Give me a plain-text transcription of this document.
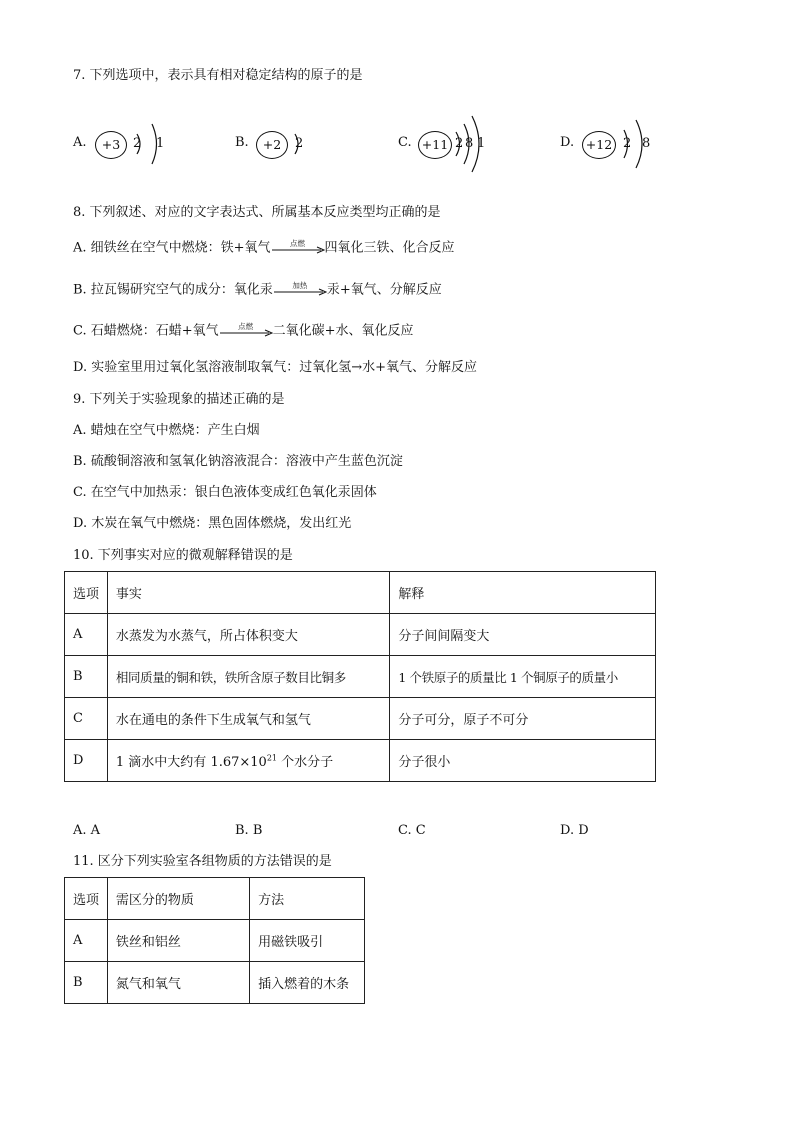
7. 下列选项中，表示具有相对稳定结构的原子的是
A.	+3 2 1	B.	+2	2	C. +11 2 8 1	D. +12 2 8
8. 下列叙述、对应的文字表达式、所属基本反应类型均正确的是
A. 细铁丝在空气中燃烧：铁+氧气	点燃	四氧化三铁、化合反应
B. 拉瓦锡研究空气的成分：氧化汞	加热	汞+氧气、分解反应
C. 石蜡燃烧：石蜡+氧气	点燃	二氧化碳+水、氧化反应
D. 实验室里用过氧化氢溶液制取氧气：过氧化氢→水+氧气、分解反应
9. 下列关于实验现象的描述正确的是
A. 蜡烛在空气中燃烧：产生白烟
B. 硫酸铜溶液和氢氧化钠溶液混合：溶液中产生蓝色沉淀
C. 在空气中加热汞：银白色液体变成红色氧化汞固体
D. 木炭在氧气中燃烧：黑色固体燃烧，发出红光
10. 下列事实对应的微观解释错误的是
选项	事实	解释
A	水蒸发为水蒸气，所占体积变大	分子间间隔变大
B	相同质量的铜和铁，铁所含原子数目比铜多	1 个铁原子的质量比 1 个铜原子的质量小
C	水在通电的条件下生成氧气和氢气	分子可分，原子不可分
D	1 滴水中大约有 $1.67\times 10^{21}$ 个水分子	分子很小
A. A	B. B	C. C	D. D
11. 区分下列实验室各组物质的方法错误的是
选项	需区分的物质	方法
A	铁丝和铝丝	用磁铁吸引
B	氮气和氧气	插入燃着的木条
